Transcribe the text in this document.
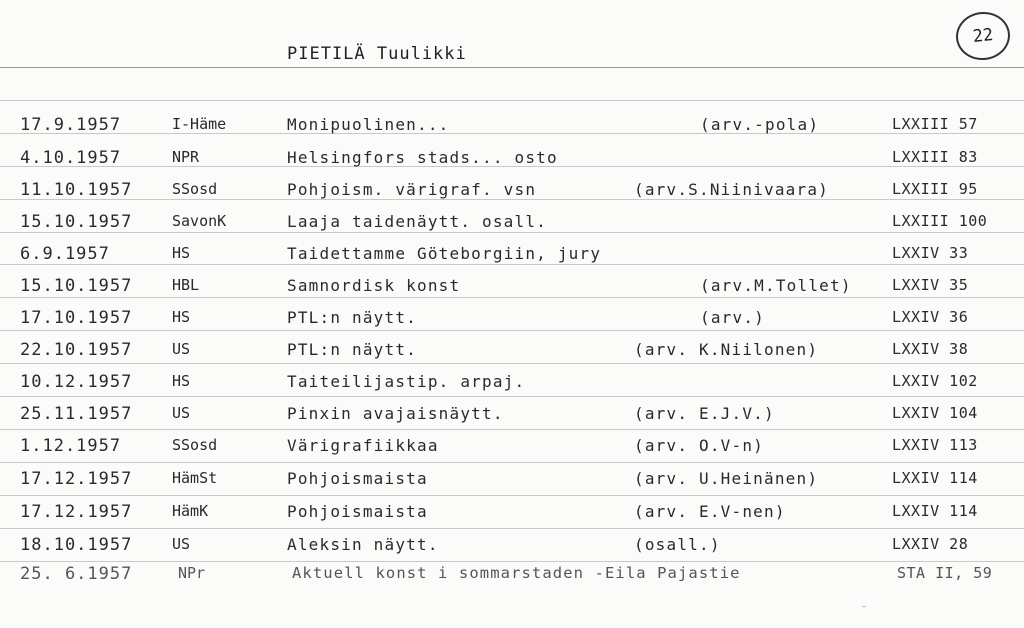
PIETILÄ Tuulikki
22
17.9.1957	I-Häme	Monipuolinen...	(arv.-pola)	LXXIII 57
4.10.1957	NPR	Helsingfors stads... osto	LXXIII 83
11.10.1957	SSosd	Pohjoism. värigraf. vsn	(arv.S.Niinivaara)	LXXIII 95
15.10.1957	SavonK	Laaja taidenäytt. osall.	LXXIII 100
6.9.1957	HS	Taidettamme Göteborgiin, jury	LXXIV 33
15.10.1957	HBL	Samnordisk konst	(arv.M.Tollet)	LXXIV 35
17.10.1957	HS	PTL:n näytt.	(arv.)	LXXIV 36
22.10.1957	US	PTL:n näytt.	(arv. K.Niilonen)	LXXIV 38
10.12.1957	HS	Taiteilijastip. arpaj.	LXXIV 102
25.11.1957	US	Pinxin avajaisnäytt.	(arv. E.J.V.)	LXXIV 104
1.12.1957	SSosd	Värigrafiikkaa	(arv. O.V-n)	LXXIV 113
17.12.1957	HämSt	Pohjoismaista	(arv. U.Heinänen)	LXXIV 114
17.12.1957	HämK	Pohjoismaista	(arv. E.V-nen)	LXXIV 114
18.10.1957	US	Aleksin näytt.	(osall.)	LXXIV 28
25. 6.1957	NPr	Aktuell konst i sommarstaden -Eila Pajastie	STA II, 59
